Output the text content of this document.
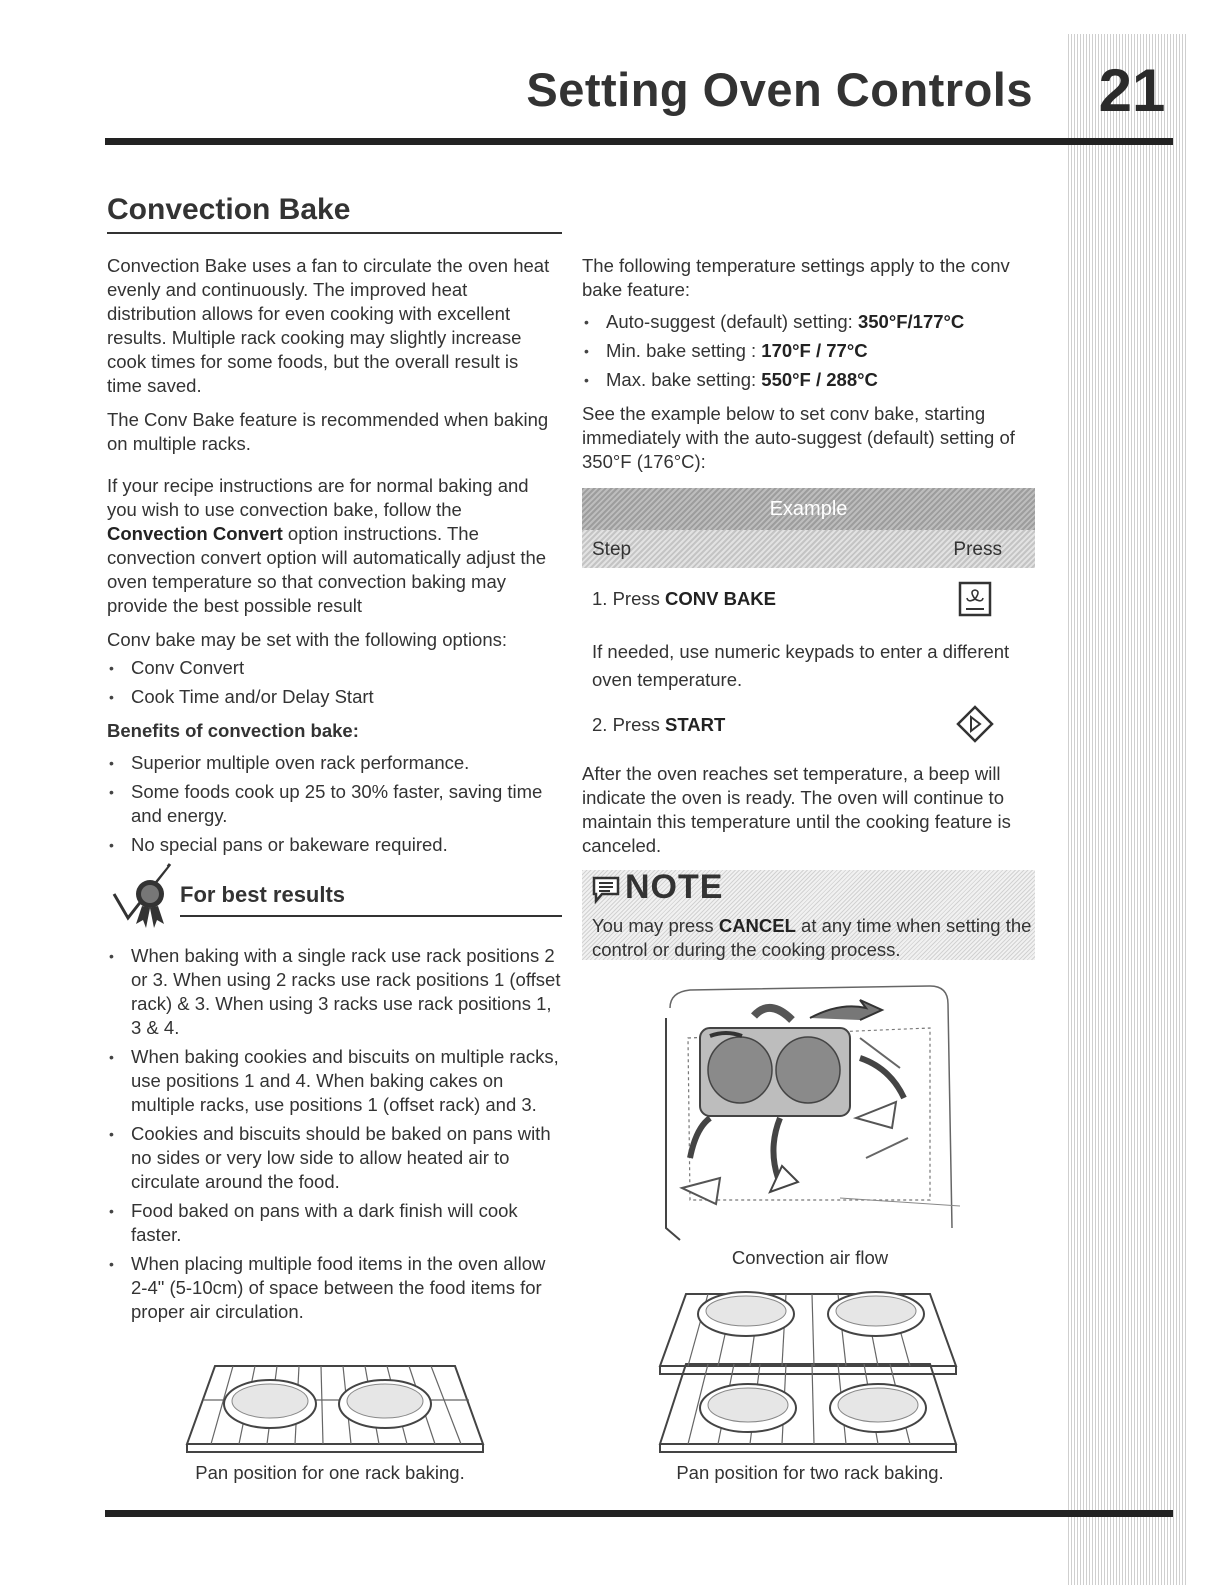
Setting Oven Controls 21
Convection Bake

Convection Bake uses a fan to circulate the oven heat evenly and continuously. The improved heat distribution allows for even cooking with excellent results. Multiple rack cooking may slightly increase cook times for some foods, but the overall result is time saved.

The Conv Bake feature is recommended when baking on multiple racks.

If your recipe instructions are for normal baking and you wish to use convection bake, follow the Convection Convert option instructions. The convection convert option will automatically adjust the oven temperature so that convection baking may provide the best possible result

Conv bake may be set with the following options:

• Conv Convert
• Cook Time and/or Delay Start
Benefits of convection bake:
• Superior multiple oven rack performance.
• Some foods cook up 25 to 30% faster, saving time and energy.
• No special pans or bakeware required.
For best results
• When baking with a single rack use rack positions 2 or 3. When using 2 racks use rack positions 1 (offset rack) & 3. When using 3 racks use rack positions 1, 3 & 4.
• When baking cookies and biscuits on multiple racks, use positions 1 and 4. When baking cakes on multiple racks, use positions 1 (offset rack) and 3.
• Cookies and biscuits should be baked on pans with no sides or very low side to allow heated air to circulate around the food.
• Food baked on pans with a dark finish will cook faster.
• When placing multiple food items in the oven allow 2-4" (5-10cm) of space between the food items for proper air circulation.
Pan position for one rack baking.

The following temperature settings apply to the conv bake feature:

• Auto-suggest (default) setting: 350°F/177°C
• Min. bake setting : 170°F / 77°C
• Max. bake setting: 550°F / 288°C

See the example below to set conv bake, starting immediately with the auto-suggest (default) setting of 350°F (176°C):

Example
Step	Press
1. Press CONV BAKE
If needed, use numeric keypads to enter a different oven temperature.
2. Press START

After the oven reaches set temperature, a beep will indicate the oven is ready. The oven will continue to maintain this temperature until the cooking feature is canceled.

NOTE
You may press CANCEL at any time when setting the control or during the cooking process.
Convection air flow
Pan position for two rack baking.
